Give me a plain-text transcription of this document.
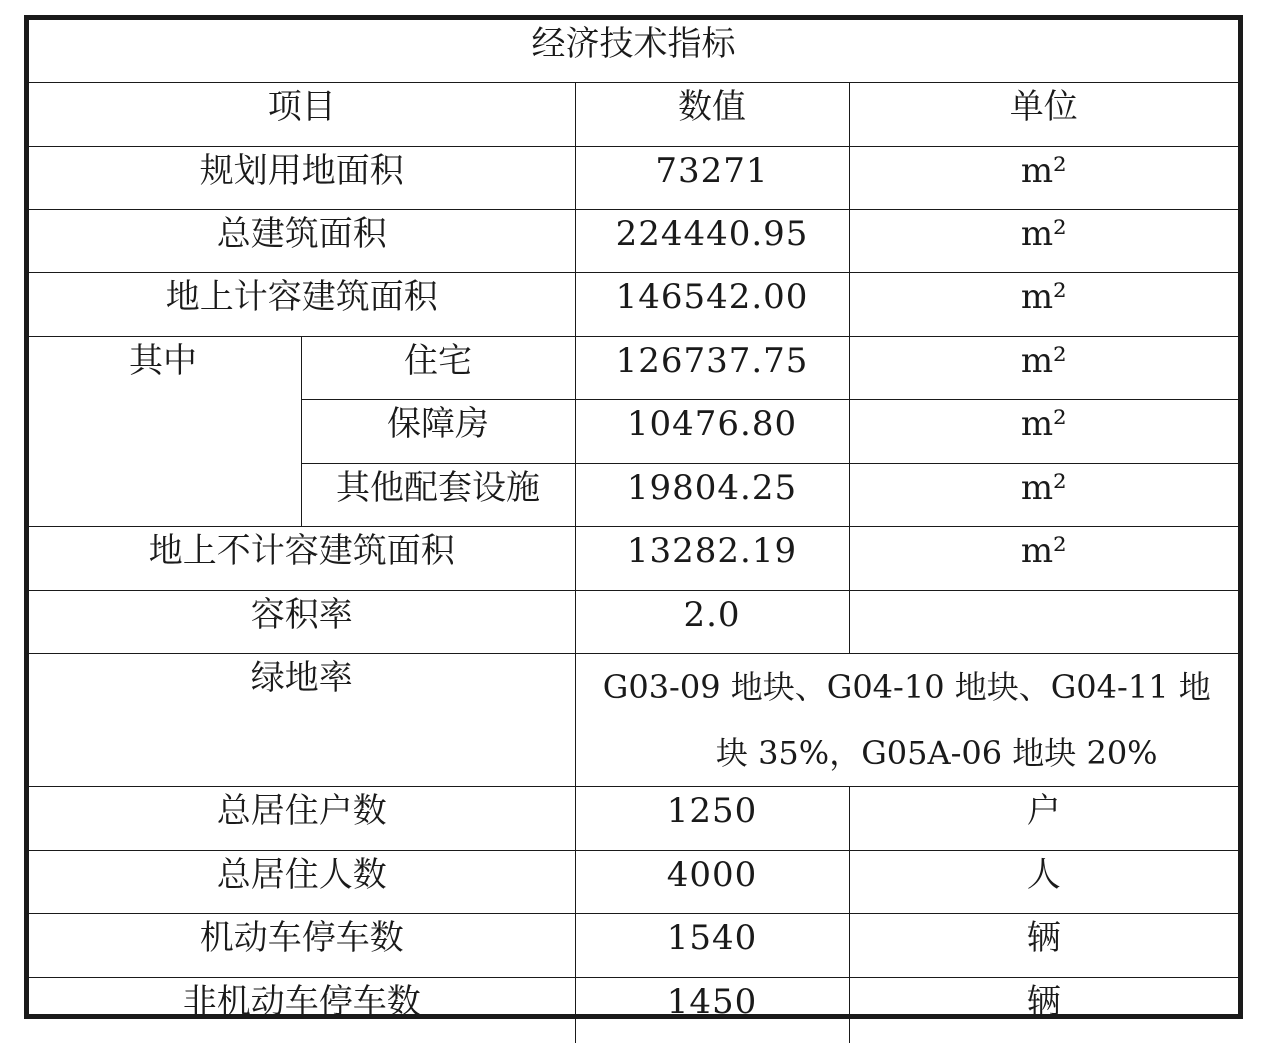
经济技术指标			
项目		数值	单位
规划用地面积		73271	m²
总建筑面积		224440.95	m²
地上计容建筑面积		146542.00	m²
其中	住宅	126737.75	m²
	保障房	10476.80	m²
	其他配套设施	19804.25	m²
地上不计容建筑面积		13282.19	m²
容积率		2.0	
绿地率		G03-09 地块、G04-10 地块、G04-11 地
块 35%，G05A-06 地块 20%	

总居住户数		1250	户
总居住人数		4000	人
机动车停车数		1540	辆
非机动车停车数		1450	辆
